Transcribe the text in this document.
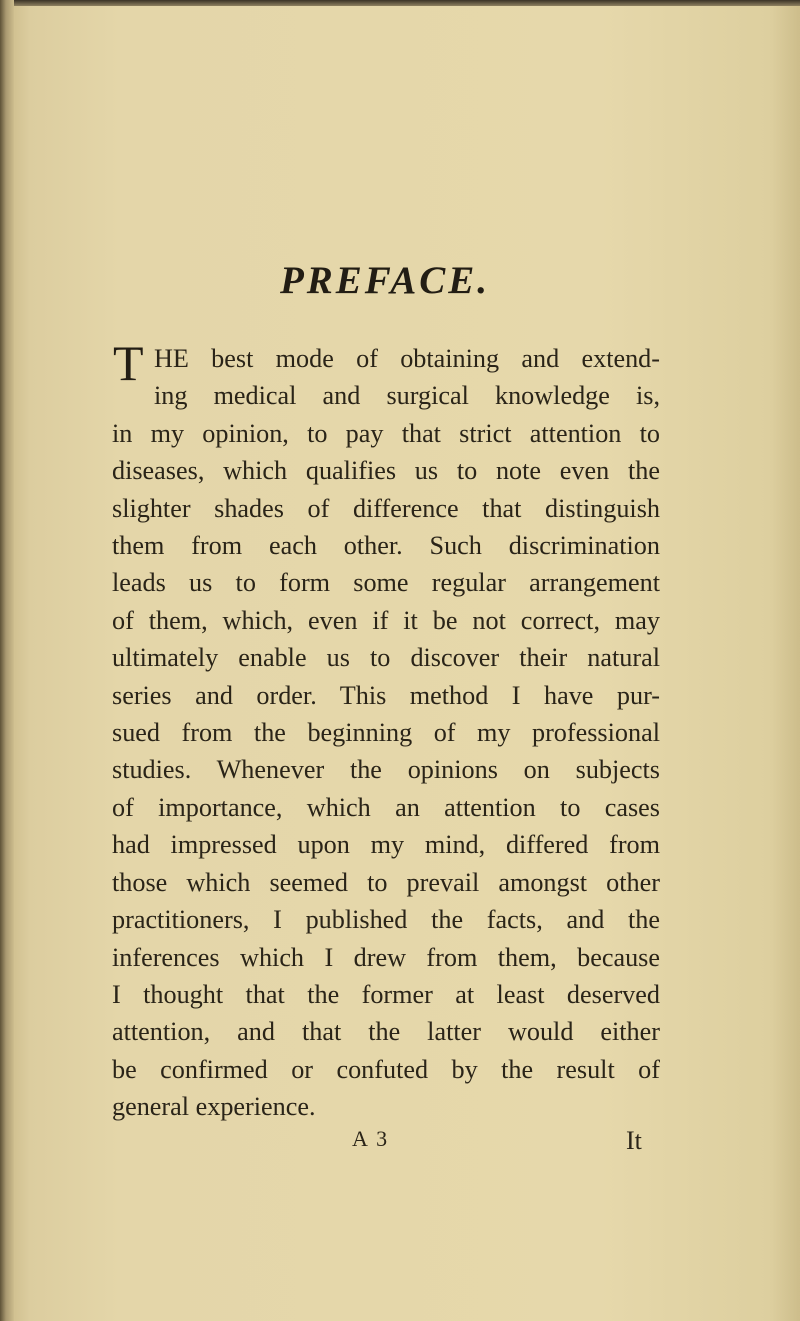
PREFACE.
T HE best mode of obtaining and extend-
ing medical and surgical knowledge is,
in my opinion, to pay that strict attention to
diseases, which qualifies us to note even the
slighter shades of difference that distinguish
them from each other. Such discrimination
leads us to form some regular arrangement
of them, which, even if it be not correct, may
ultimately enable us to discover their natural
series and order. This method I have pur-
sued from the beginning of my professional
studies. Whenever the opinions on subjects
of importance, which an attention to cases
had impressed upon my mind, differed from
those which seemed to prevail amongst other
practitioners, I published the facts, and the
inferences which I drew from them, because
I thought that the former at least deserved
attention, and that the latter would either
be confirmed or confuted by the result of
general experience.
A 3	It
